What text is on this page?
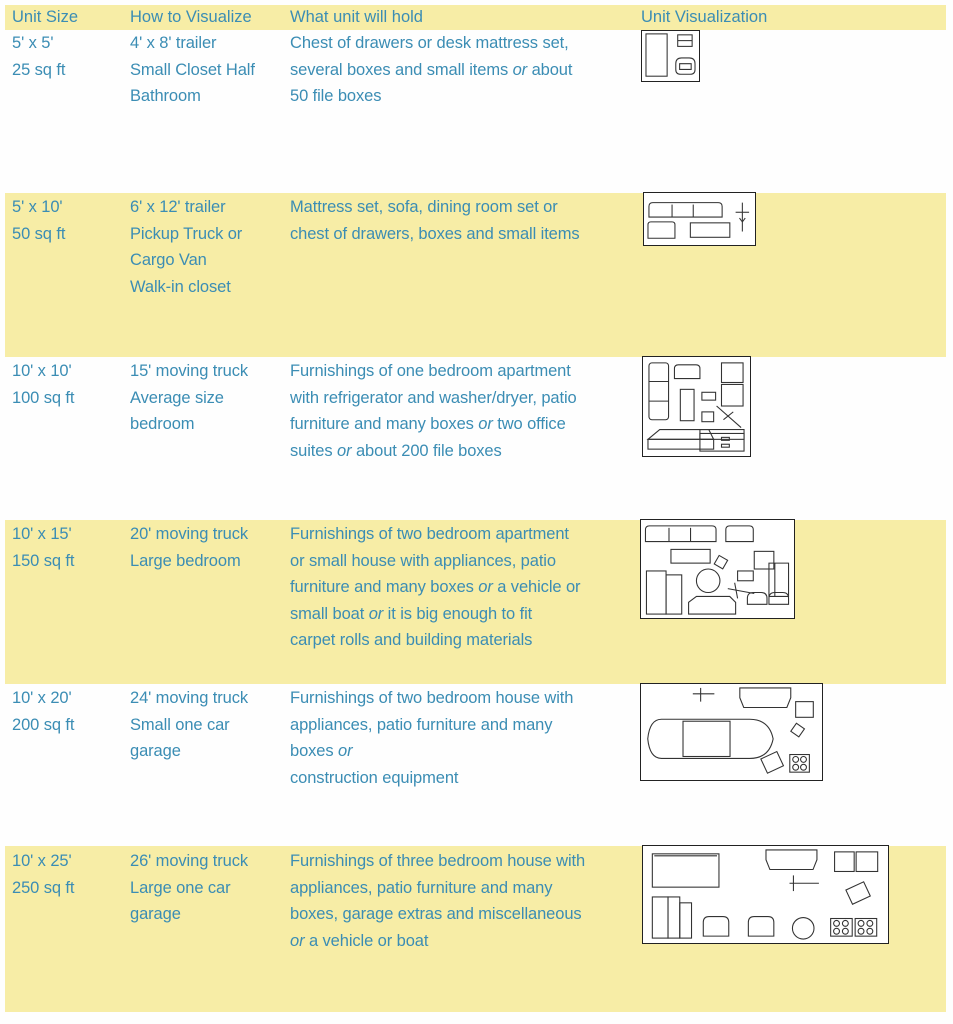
Unit Size	How to Visualize What unit will hold	Unit Visualization
5' x 5'
25 sq ft
4' x 8' trailer
Small Closet Half
Bathroom
Chest of drawers or desk mattress set,
several boxes and small items or about
50 file boxes
5' x 10'
50 sq ft
6' x 12' trailer
Pickup Truck or
Cargo Van
Walk-in closet
Mattress set, sofa, dining room set or
chest of drawers, boxes and small items
10' x 10'
100 sq ft
15' moving truck
Average size
bedroom
Furnishings of one bedroom apartment
with refrigerator and washer/dryer, patio
furniture and many boxes or two office
suites or about 200 file boxes
10' x 15'
150 sq ft
20' moving truck
Large bedroom
Furnishings of two bedroom apartment
or small house with appliances, patio
furniture and many boxes or a vehicle or
small boat or it is big enough to fit
carpet rolls and building materials
10' x 20'
200 sq ft
24' moving truck
Small one car
garage
Furnishings of two bedroom house with
appliances, patio furniture and many
boxes or
construction equipment
10' x 25'
250 sq ft
26' moving truck
Large one car
garage
Furnishings of three bedroom house with
appliances, patio furniture and many
boxes, garage extras and miscellaneous
or a vehicle or boat
